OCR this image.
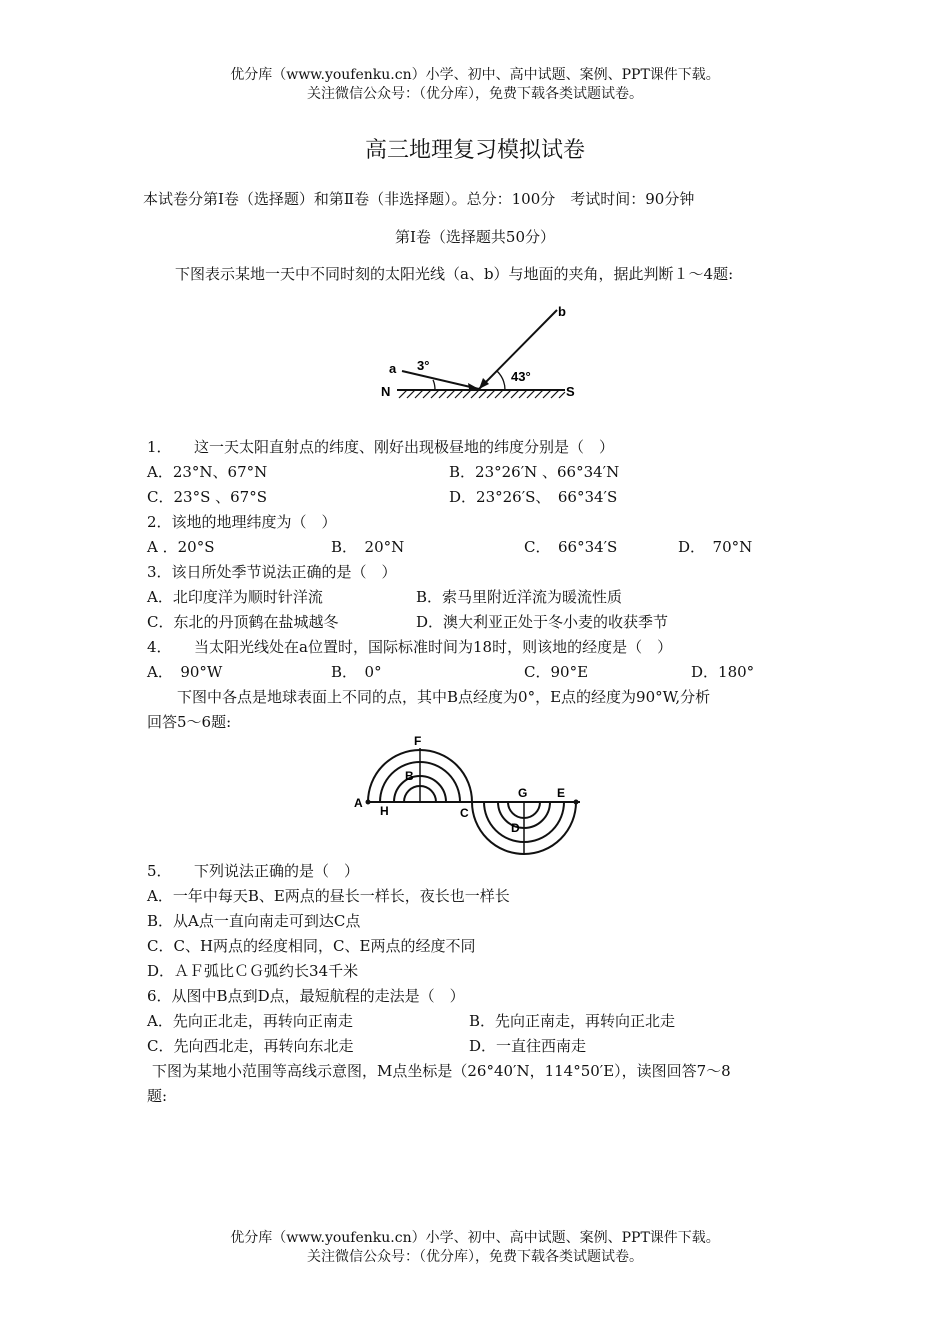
优分库（www.youfenku.cn）小学、初中、高中试题、案例、PPT课件下载。
关注微信公众号：（优分库），免费下载各类试题试卷。
高三地理复习模拟试卷
本试卷分第Ⅰ卷（选择题）和第Ⅱ卷（非选择题）。总分：100分　考试时间：90分钟
第Ⅰ卷（选择题共50分）
下图表示某地一天中不同时刻的太阳光线（a、b）与地面的夹角，据此判断１～4题:
a
b
N	S
3°
43°
1．　　这一天太阳直射点的纬度、刚好出现极昼地的纬度分别是（　）
A．23°N、67°N	B．23°26′N 、66°34′N
C．23°S 、67°S	D．23°26′S、　66°34′S
2．该地的地理纬度为（　）
A ．20°S	B．　20°N	C．　66°34′S	D．　70°N
3．该日所处季节说法正确的是（　）
A．北印度洋为顺时针洋流	B．索马里附近洋流为暖流性质
C．东北的丹顶鹤在盐城越冬	D．澳大利亚正处于冬小麦的收获季节
4．　　当太阳光线处在a位置时，国际标准时间为18时，则该地的经度是（　）
A．　90°W	B．　0°	C．90°E	D．180°
下图中各点是地球表面上不同的点，其中B点经度为0°，E点的经度为90°W,分析
回答5～6题:
A
F
B
H	C
G E
D
5．　　下列说法正确的是（　）
A．一年中每天B、E两点的昼长一样长，夜长也一样长
B．从A点一直向南走可到达C点
C．C、H两点的经度相同，C、E两点的经度不同
D．ＡＦ弧比ＣＧ弧约长34千米
6．从图中B点到D点，最短航程的走法是（　）
A．先向正北走，再转向正南走	B．先向正南走，再转向正北走
C．先向西北走，再转向东北走	D．一直往西南走
下图为某地小范围等高线示意图，M点坐标是（26°40′N，114°50′E），读图回答7～8
题:
优分库（www.youfenku.cn）小学、初中、高中试题、案例、PPT课件下载。
关注微信公众号：（优分库），免费下载各类试题试卷。
